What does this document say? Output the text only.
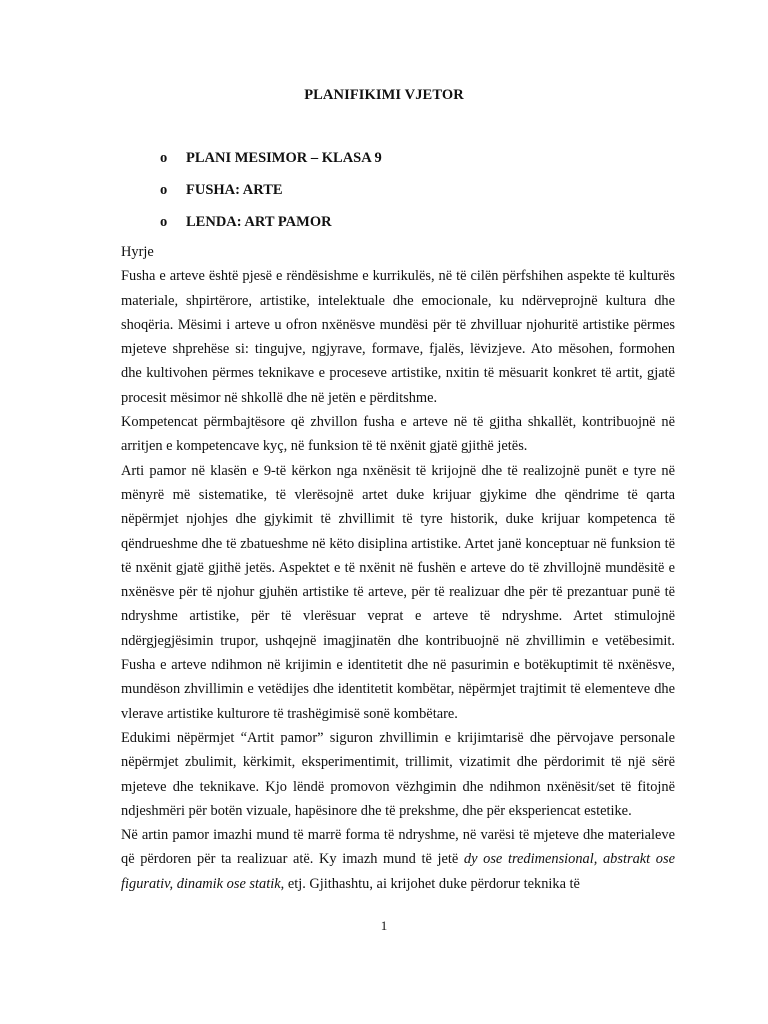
PLANIFIKIMI VJETOR
o	PLANI MESIMOR – KLASA 9
o	FUSHA: ARTE
o	LENDA: ART PAMOR

Hyrje

Fusha e arteve është pjesë e rëndësishme e kurrikulës, në të cilën përfshihen aspekte të kulturës materiale, shpirtërore, artistike, intelektuale dhe emocionale, ku ndërveprojnë kultura dhe shoqëria. Mësimi i arteve u ofron nxënësve mundësi për të zhvilluar njohuritë artistike përmes mjeteve shprehëse si: tingujve, ngjyrave, formave, fjalës, lëvizjeve. Ato mësohen, formohen dhe kultivohen përmes teknikave e proceseve artistike, nxitin të mësuarit konkret të artit, gjatë procesit mësimor në shkollë dhe në jetën e përditshme.

Kompetencat përmbajtësore që zhvillon fusha e arteve në të gjitha shkallët, kontribuojnë në arritjen e kompetencave kyç, në funksion të të nxënit gjatë gjithë jetës.

Arti pamor në klasën e 9-të kërkon nga nxënësit të krijojnë dhe të realizojnë punët e tyre në mënyrë më sistematike, të vlerësojnë artet duke krijuar gjykime dhe qëndrime të qarta nëpërmjet njohjes dhe gjykimit të zhvillimit të tyre historik, duke krijuar kompetenca të qëndrueshme dhe të zbatueshme në këto disiplina artistike. Artet janë konceptuar në funksion të të nxënit gjatë gjithë jetës. Aspektet e të nxënit në fushën e arteve do të zhvillojnë mundësitë e nxënësve për të njohur gjuhën artistike të arteve, për të realizuar dhe për të prezantuar punë të ndryshme artistike, për të vlerësuar veprat e arteve të ndryshme. Artet stimulojnë ndërgjegjësimin trupor, ushqejnë imagjinatën dhe kontribuojnë në zhvillimin e vetëbesimit. Fusha e arteve ndihmon në krijimin e identitetit dhe në pasurimin e botëkuptimit të nxënësve, mundëson zhvillimin e vetëdijes dhe identitetit kombëtar, nëpërmjet trajtimit të elementeve dhe vlerave artistike kulturore të trashëgimisë sonë kombëtare.

Edukimi nëpërmjet “Artit pamor” siguron zhvillimin e krijimtarisë dhe përvojave personale nëpërmjet zbulimit, kërkimit, eksperimentimit, trillimit, vizatimit dhe përdorimit të një sërë mjeteve dhe teknikave. Kjo lëndë promovon vëzhgimin dhe ndihmon nxënësit/set të fitojnë ndjeshmëri për botën vizuale, hapësinore dhe të prekshme, dhe për eksperiencat estetike.

Në artin pamor imazhi mund të marrë forma të ndryshme, në varësi të mjeteve dhe materialeve që përdoren për ta realizuar atë. Ky imazh mund të jetë dy ose tredimensional, abstrakt ose figurativ, dinamik ose statik, etj. Gjithashtu, ai krijohet duke përdorur teknika të

1
